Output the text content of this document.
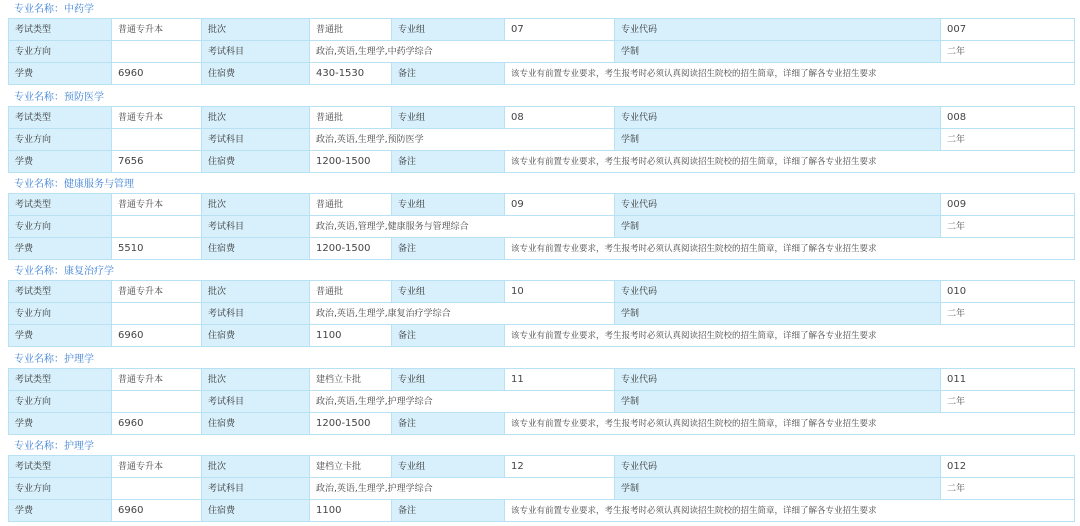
专业名称：中药学
考试类型	普通专升本	批次	普通批	专业组	07	专业代码	007
专业方向		考试科目	政治,英语,生理学,中药学综合			学制	二年
学费	6960	住宿费	430-1530	备注	该专业有前置专业要求，考生报考时必须认真阅读招生院校的招生简章，详细了解各专业招生要求		
专业名称：预防医学
考试类型	普通专升本	批次	普通批	专业组	08	专业代码	008
专业方向		考试科目	政治,英语,生理学,预防医学			学制	二年
学费	7656	住宿费	1200-1500	备注	该专业有前置专业要求，考生报考时必须认真阅读招生院校的招生简章，详细了解各专业招生要求		
专业名称：健康服务与管理
考试类型	普通专升本	批次	普通批	专业组	09	专业代码	009
专业方向		考试科目	政治,英语,管理学,健康服务与管理综合			学制	二年
学费	5510	住宿费	1200-1500	备注	该专业有前置专业要求，考生报考时必须认真阅读招生院校的招生简章，详细了解各专业招生要求		
专业名称：康复治疗学
考试类型	普通专升本	批次	普通批	专业组	10	专业代码	010
专业方向		考试科目	政治,英语,生理学,康复治疗学综合			学制	二年
学费	6960	住宿费	1100	备注	该专业有前置专业要求，考生报考时必须认真阅读招生院校的招生简章，详细了解各专业招生要求		
专业名称：护理学
考试类型	普通专升本	批次	建档立卡批	专业组	11	专业代码	011
专业方向		考试科目	政治,英语,生理学,护理学综合			学制	二年
学费	6960	住宿费	1200-1500	备注	该专业有前置专业要求，考生报考时必须认真阅读招生院校的招生简章，详细了解各专业招生要求		
专业名称：护理学
考试类型	普通专升本	批次	建档立卡批	专业组	12	专业代码	012
专业方向		考试科目	政治,英语,生理学,护理学综合			学制	二年
学费	6960	住宿费	1100	备注	该专业有前置专业要求，考生报考时必须认真阅读招生院校的招生简章，详细了解各专业招生要求		
